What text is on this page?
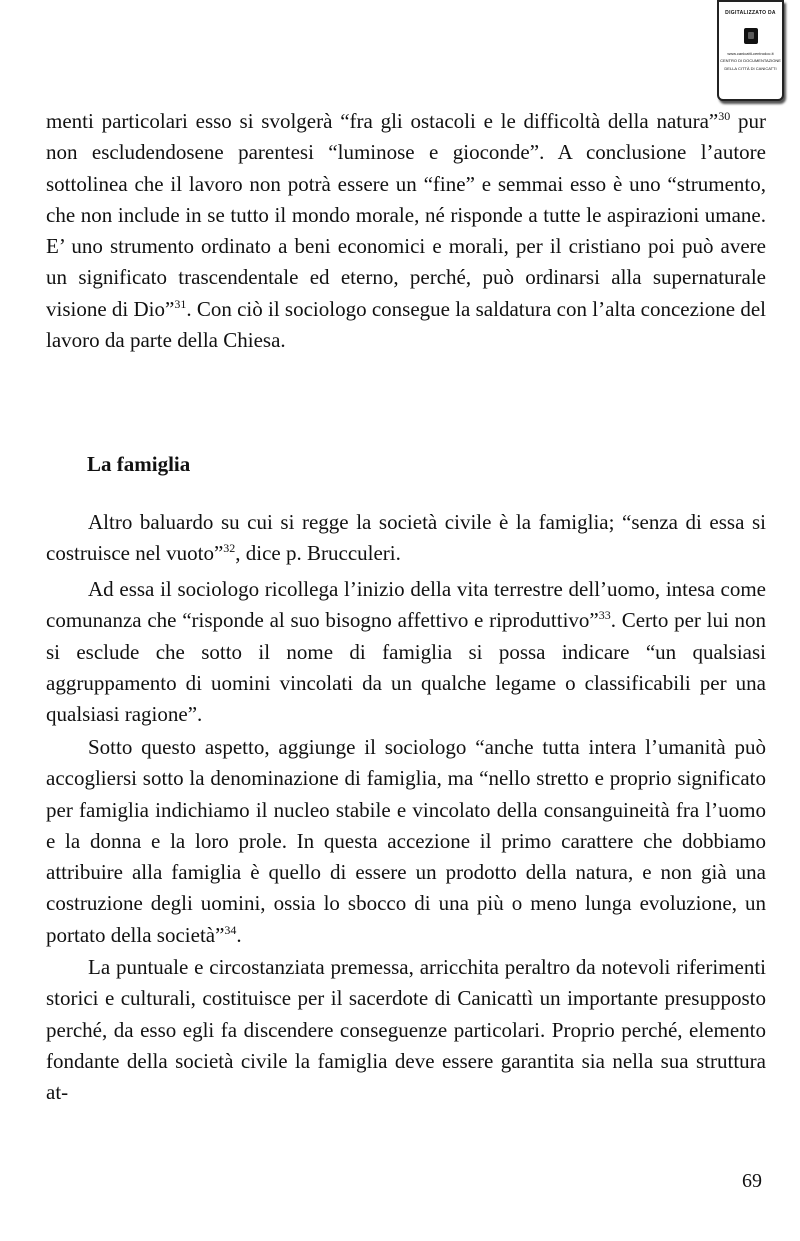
DIGITALIZZATO DA
www.canicatti-centrodoc.it
CENTRO DI DOCUMENTAZIONE
DELLA CITTÀ DI CANICATTI

menti particolari esso si svolgerà “fra gli ostacoli e le difficoltà della natura”$^{30}$ pur non escludendosene parentesi “luminose e gioconde”. A conclusione l’autore sottolinea che il lavoro non potrà essere un “fine” e semmai esso è uno “strumento, che non include in se tutto il mondo morale, né risponde a tutte le aspirazioni umane. E’ uno strumento ordinato a beni economici e morali, per il cristiano poi può avere un significato trascendentale ed eterno, perché, può ordinarsi alla supernaturale visione di Dio”$^{31}$. Con ciò il sociologo consegue la saldatura con l’alta concezione del lavoro da parte della Chiesa.

La famiglia

Altro baluardo su cui si regge la società civile è la famiglia; “senza di essa si costruisce nel vuoto”$^{32}$, dice p. Brucculeri.

Ad essa il sociologo ricollega l’inizio della vita terrestre dell’uomo, intesa come comunanza che “risponde al suo bisogno affettivo e riproduttivo”$^{33}$. Certo per lui non si esclude che sotto il nome di famiglia si possa indicare “un qualsiasi aggruppamento di uomini vincolati da un qualche legame o classificabili per una qualsiasi ragione”.

Sotto questo aspetto, aggiunge il sociologo “anche tutta intera l’umanità può accogliersi sotto la denominazione di famiglia, ma “nello stretto e proprio significato per famiglia indichiamo il nucleo stabile e vincolato della consanguineità fra l’uomo e la donna e la loro prole. In questa accezione il primo carattere che dobbiamo attribuire alla famiglia è quello di essere un prodotto della natura, e non già una costruzione degli uomini, ossia lo sbocco di una più o meno lunga evoluzione, un portato della società”$^{34}$.

La puntuale e circostanziata premessa, arricchita peraltro da notevoli riferimenti storici e culturali, costituisce per il sacerdote di Canicattì un importante presupposto perché, da esso egli fa discendere conseguenze particolari. Proprio perché, elemento fondante della società civile la famiglia deve essere garantita sia nella sua struttura at-

69
